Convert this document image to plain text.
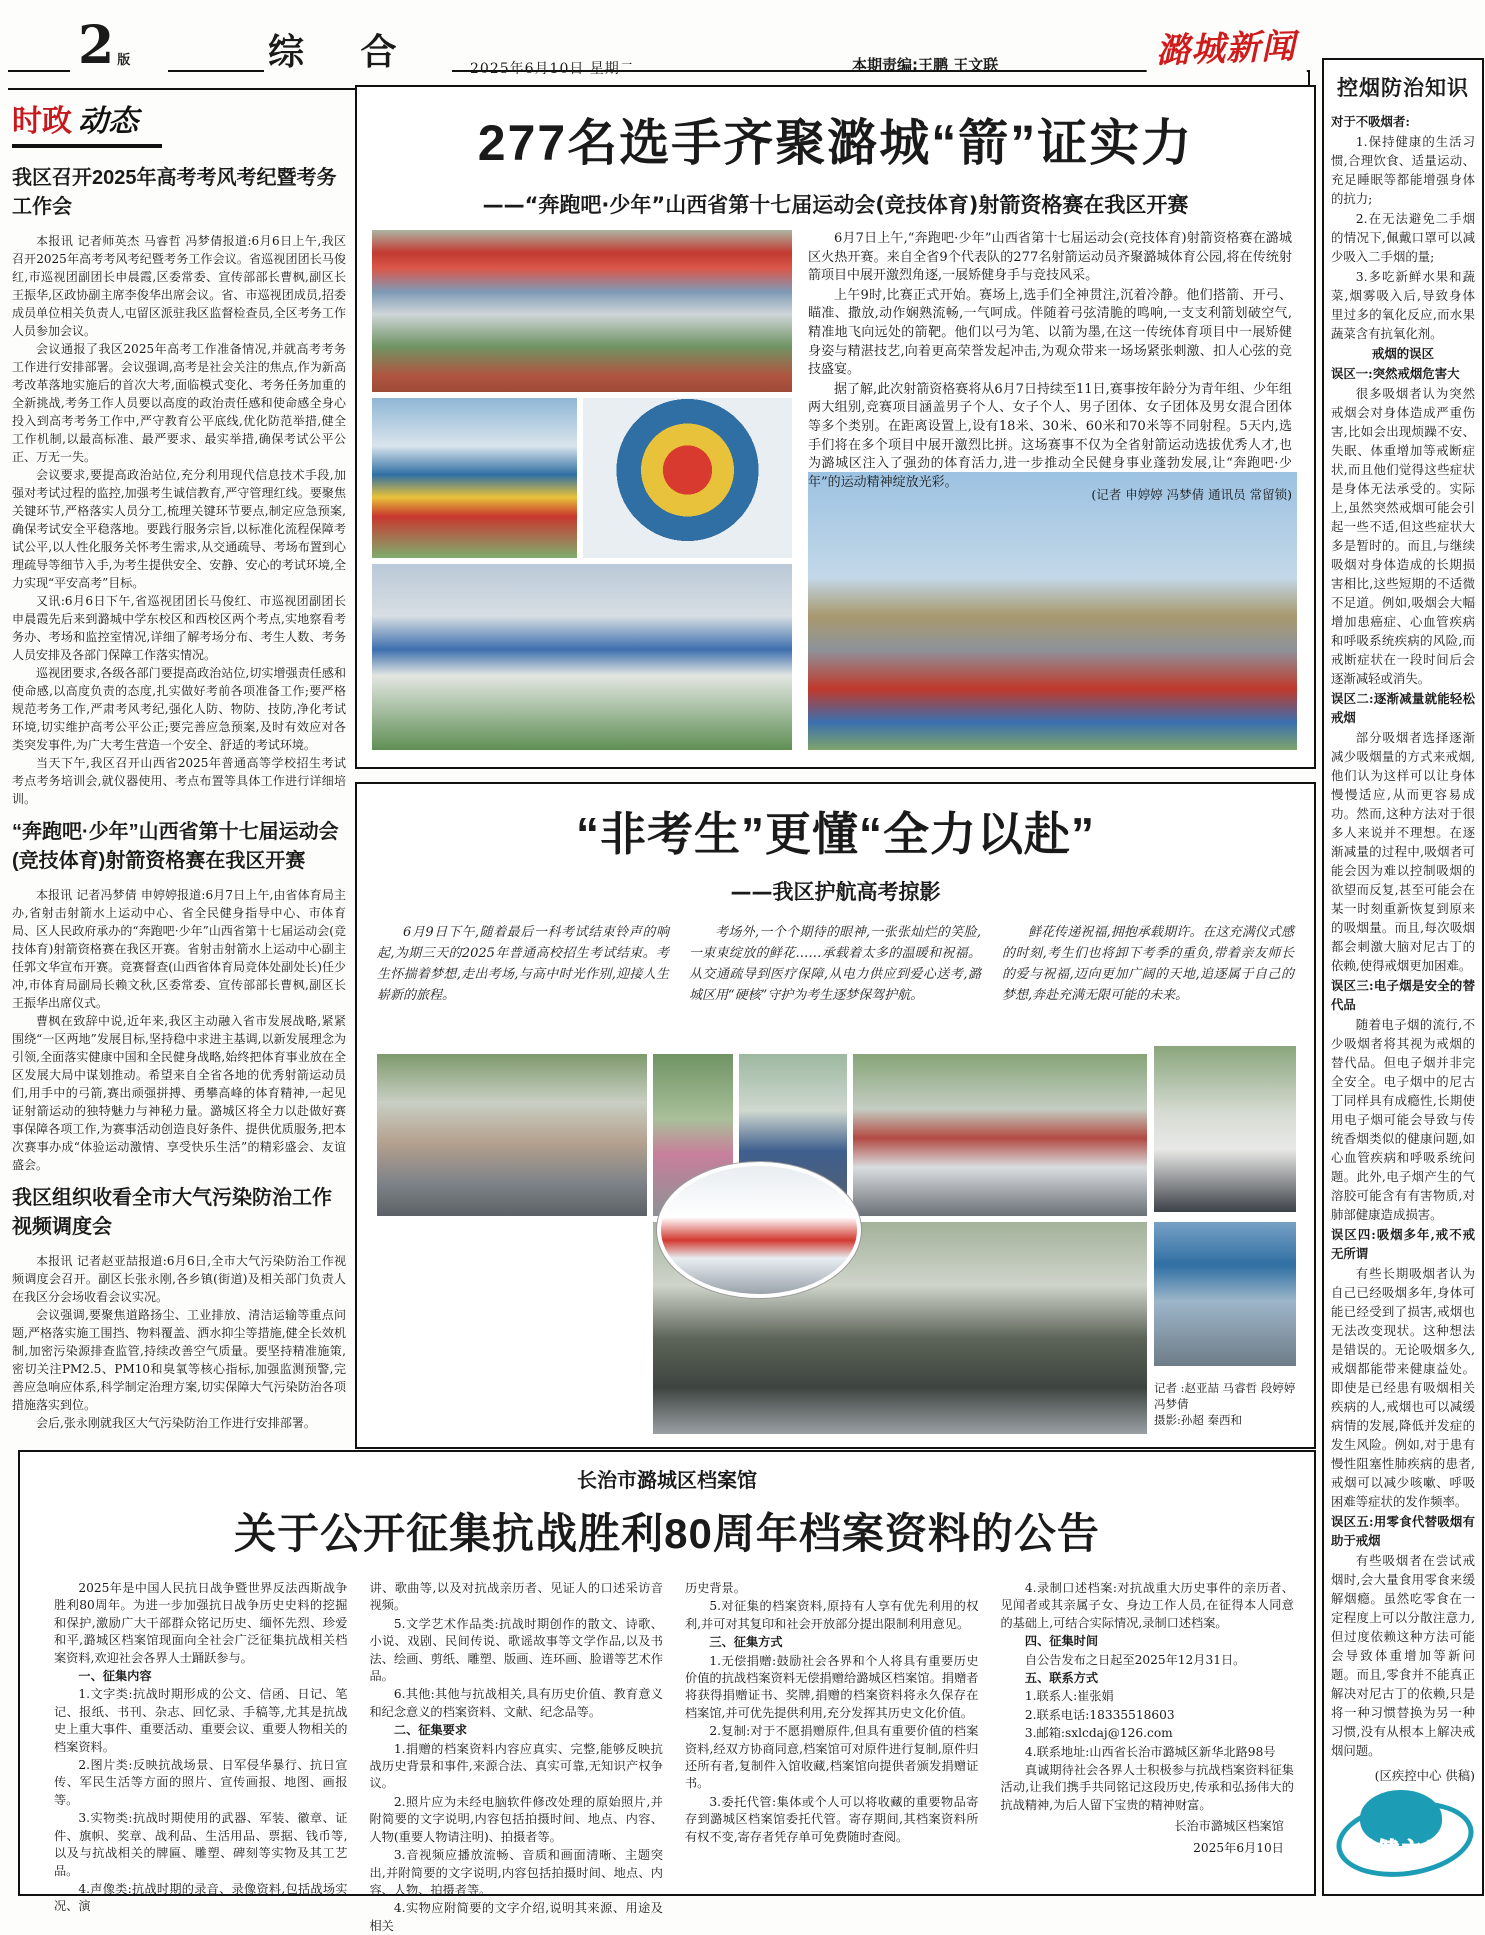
2 版	综 合	2025年6月10日 星期二	本期责编:王鹏 王文联	潞城新闻
时政 动态
我区召开2025年高考考风考纪暨考务工作会

本报讯 记者师英杰 马睿哲 冯梦倩报道:6月6日上午,我区召开2025年高考考风考纪暨考务工作会议。省巡视团团长马俊红,市巡视团副团长申晨霞,区委常委、宣传部部长曹枫,副区长王振华,区政协副主席李俊华出席会议。省、市巡视团成员,招委成员单位相关负责人,屯留区派驻我区监督检查员,全区考务工作人员参加会议。

会议通报了我区2025年高考工作准备情况,并就高考考务工作进行安排部署。会议强调,高考是社会关注的焦点,作为新高考改革落地实施后的首次大考,面临模式变化、考务任务加重的全新挑战,考务工作人员要以高度的政治责任感和使命感全身心投入到高考考务工作中,严守教育公平底线,优化防范举措,健全工作机制,以最高标准、最严要求、最实举措,确保考试公平公正、万无一失。

会议要求,要提高政治站位,充分利用现代信息技术手段,加强对考试过程的监控,加强考生诚信教育,严守管理红线。要聚焦关键环节,严格落实人员分工,梳理关键环节要点,制定应急预案,确保考试安全平稳落地。要践行服务宗旨,以标准化流程保障考试公平,以人性化服务关怀考生需求,从交通疏导、考场布置到心理疏导等细节入手,为考生提供安全、安静、安心的考试环境,全力实现“平安高考”目标。

又讯:6月6日下午,省巡视团团长马俊红、市巡视团副团长申晨霞先后来到潞城中学东校区和西校区两个考点,实地察看考务办、考场和监控室情况,详细了解考场分布、考生人数、考务人员安排及各部门保障工作落实情况。

巡视团要求,各级各部门要提高政治站位,切实增强责任感和使命感,以高度负责的态度,扎实做好考前各项准备工作;要严格规范考务工作,严肃考风考纪,强化人防、物防、技防,净化考试环境,切实维护高考公平公正;要完善应急预案,及时有效应对各类突发事件,为广大考生营造一个安全、舒适的考试环境。

当天下午,我区召开山西省2025年普通高等学校招生考试考点考务培训会,就仪器使用、考点布置等具体工作进行详细培训。

“奔跑吧·少年”山西省第十七届运动会(竞技体育)射箭资格赛在我区开赛

本报讯 记者冯梦倩 申婷婷报道:6月7日上午,由省体育局主办,省射击射箭水上运动中心、省全民健身指导中心、市体育局、区人民政府承办的“奔跑吧·少年”山西省第十七届运动会(竞技体育)射箭资格赛在我区开赛。省射击射箭水上运动中心副主任郭文华宣布开赛。竞赛督查(山西省体育局竞体处副处长)任少冲,市体育局副局长赖文秋,区委常委、宣传部部长曹枫,副区长王振华出席仪式。

曹枫在致辞中说,近年来,我区主动融入省市发展战略,紧紧围绕“一区两地”发展目标,坚持稳中求进主基调,以新发展理念为引领,全面落实健康中国和全民健身战略,始终把体育事业放在全区发展大局中谋划推动。希望来自全省各地的优秀射箭运动员们,用手中的弓箭,赛出顽强拼搏、勇攀高峰的体育精神,一起见证射箭运动的独特魅力与神秘力量。潞城区将全力以赴做好赛事保障各项工作,为赛事活动创造良好条件、提供优质服务,把本次赛事办成“体验运动激情、享受快乐生活”的精彩盛会、友谊盛会。

我区组织收看全市大气污染防治工作视频调度会

本报讯 记者赵亚喆报道:6月6日,全市大气污染防治工作视频调度会召开。副区长张永刚,各乡镇(街道)及相关部门负责人在我区分会场收看会议实况。

会议强调,要聚焦道路扬尘、工业排放、清洁运输等重点问题,严格落实施工围挡、物料覆盖、洒水抑尘等措施,健全长效机制,加密污染源排查监管,持续改善空气质量。要坚持精准施策,密切关注PM2.5、PM10和臭氧等核心指标,加强监测预警,完善应急响应体系,科学制定治理方案,切实保障大气污染防治各项措施落实到位。

会后,张永刚就我区大气污染防治工作进行安排部署。

277名选手齐聚潞城“箭”证实力
——“奔跑吧·少年”山西省第十七届运动会(竞技体育)射箭资格赛在我区开赛

6月7日上午,“奔跑吧·少年”山西省第十七届运动会(竞技体育)射箭资格赛在潞城区火热开赛。来自全省9个代表队的277名射箭运动员齐聚潞城体育公园,将在传统射箭项目中展开激烈角逐,一展矫健身手与竞技风采。

上午9时,比赛正式开始。赛场上,选手们全神贯注,沉着冷静。他们搭箭、开弓、瞄准、撒放,动作娴熟流畅,一气呵成。伴随着弓弦清脆的鸣响,一支支利箭划破空气,精准地飞向远处的箭靶。他们以弓为笔、以箭为墨,在这一传统体育项目中一展矫健身姿与精湛技艺,向着更高荣誉发起冲击,为观众带来一场场紧张刺激、扣人心弦的竞技盛宴。

据了解,此次射箭资格赛将从6月7日持续至11日,赛事按年龄分为青年组、少年组两大组别,竞赛项目涵盖男子个人、女子个人、男子团体、女子团体及男女混合团体等多个类别。在距离设置上,设有18米、30米、60米和70米等不同射程。5天内,选手们将在多个项目中展开激烈比拼。这场赛事不仅为全省射箭运动选拔优秀人才,也为潞城区注入了强劲的体育活力,进一步推动全民健身事业蓬勃发展,让“奔跑吧·少年”的运动精神绽放光彩。

(记者 申婷婷 冯梦倩 通讯员 常留锁)
“非考生”更懂“全力以赴”
——我区护航高考掠影

6月9日下午,随着最后一科考试结束铃声的响起,为期三天的2025年普通高校招生考试结束。考生怀揣着梦想,走出考场,与高中时光作别,迎接人生崭新的旅程。

考场外,一个个期待的眼神,一张张灿烂的笑脸,一束束绽放的鲜花……承载着太多的温暖和祝福。从交通疏导到医疗保障,从电力供应到爱心送考,潞城区用“硬核”守护为考生逐梦保驾护航。

鲜花传递祝福,拥抱承载期许。在这充满仪式感的时刻,考生们也将卸下考季的重负,带着亲友师长的爱与祝福,迈向更加广阔的天地,追逐属于自己的梦想,奔赴充满无限可能的未来。

记者 :赵亚喆 马睿哲 段婷婷 冯梦倩

摄影:孙超 秦西和

长治市潞城区档案馆
关于公开征集抗战胜利80周年档案资料的公告

2025年是中国人民抗日战争暨世界反法西斯战争胜利80周年。为进一步加强抗日战争历史史料的挖掘和保护,激励广大干部群众铭记历史、缅怀先烈、珍爱和平,潞城区档案馆现面向全社会广泛征集抗战相关档案资料,欢迎社会各界人士踊跃参与。

一、征集内容

1.文字类:抗战时期形成的公文、信函、日记、笔记、报纸、书刊、杂志、回忆录、手稿等,尤其是抗战史上重大事件、重要活动、重要会议、重要人物相关的档案资料。

2.图片类:反映抗战场景、日军侵华暴行、抗日宣传、军民生活等方面的照片、宣传画报、地图、画报等。

3.实物类:抗战时期使用的武器、军装、徽章、证件、旗帜、奖章、战利品、生活用品、票据、钱币等,以及与抗战相关的牌匾、雕塑、碑刻等实物及其工艺品。

4.声像类:抗战时期的录音、录像资料,包括战场实况、演

讲、歌曲等,以及对抗战亲历者、见证人的口述采访音视频。

5.文学艺术作品类:抗战时期创作的散文、诗歌、小说、戏剧、民间传说、歌谣故事等文学作品,以及书法、绘画、剪纸、雕塑、版画、连环画、脸谱等艺术作品。

6.其他:其他与抗战相关,具有历史价值、教育意义和纪念意义的档案资料、文献、纪念品等。

二、征集要求

1.捐赠的档案资料内容应真实、完整,能够反映抗战历史背景和事件,来源合法、真实可靠,无知识产权争议。

2.照片应为未经电脑软件修改处理的原始照片,并附简要的文字说明,内容包括拍摄时间、地点、内容、人物(重要人物请注明)、拍摄者等。

3.音视频应播放流畅、音质和画面清晰、主题突出,并附简要的文字说明,内容包括拍摄时间、地点、内容、人物、拍摄者等。

4.实物应附简要的文字介绍,说明其来源、用途及相关

历史背景。

5.对征集的档案资料,原持有人享有优先利用的权利,并可对其复印和社会开放部分提出限制利用意见。

三、征集方式

1.无偿捐赠:鼓励社会各界和个人将具有重要历史价值的抗战档案资料无偿捐赠给潞城区档案馆。捐赠者将获得捐赠证书、奖牌,捐赠的档案资料将永久保存在档案馆,并可优先提供利用,充分发挥其历史文化价值。

2.复制:对于不愿捐赠原件,但具有重要价值的档案资料,经双方协商同意,档案馆可对原件进行复制,原件归还所有者,复制件入馆收藏,档案馆向提供者颁发捐赠证书。

3.委托代管:集体或个人可以将收藏的重要物品寄存到潞城区档案馆委托代管。寄存期间,其档案资料所有权不变,寄存者凭存单可免费随时查阅。

4.录制口述档案:对抗战重大历史事件的亲历者、见闻者或其亲属子女、身边工作人员,在征得本人同意的基础上,可结合实际情况,录制口述档案。

四、征集时间

自公告发布之日起至2025年12月31日。

五、联系方式

1.联系人:崔张娟

2.联系电话:18335518603

3.邮箱:sxlcdaj@126.com

4.联系地址:山西省长治市潞城区新华北路98号

真诚期待社会各界人士积极参与抗战档案资料征集活动,让我们携手共同铭记这段历史,传承和弘扬伟大的抗战精神,为后人留下宝贵的精神财富。

长治市潞城区档案馆

2025年6月10日

控烟防治知识

对于不吸烟者:

1.保持健康的生活习惯,合理饮食、适量运动、充足睡眠等都能增强身体的抗力;

2.在无法避免二手烟的情况下,佩戴口罩可以减少吸入二手烟的量;

3.多吃新鲜水果和蔬菜,烟雾吸入后,导致身体里过多的氧化反应,而水果蔬菜含有抗氧化剂。

戒烟的误区

误区一:突然戒烟危害大

很多吸烟者认为突然戒烟会对身体造成严重伤害,比如会出现烦躁不安、失眠、体重增加等戒断症状,而且他们觉得这些症状是身体无法承受的。实际上,虽然突然戒烟可能会引起一些不适,但这些症状大多是暂时的。而且,与继续吸烟对身体造成的长期损害相比,这些短期的不适微不足道。例如,吸烟会大幅增加患癌症、心血管疾病和呼吸系统疾病的风险,而戒断症状在一段时间后会逐渐减轻或消失。

误区二:逐渐减量就能轻松戒烟

部分吸烟者选择逐渐减少吸烟量的方式来戒烟,他们认为这样可以让身体慢慢适应,从而更容易成功。然而,这种方法对于很多人来说并不理想。在逐渐减量的过程中,吸烟者可能会因为难以控制吸烟的欲望而反复,甚至可能会在某一时刻重新恢复到原来的吸烟量。而且,每次吸烟都会刺激大脑对尼古丁的依赖,使得戒烟更加困难。

误区三:电子烟是安全的替代品

随着电子烟的流行,不少吸烟者将其视为戒烟的替代品。但电子烟并非完全安全。电子烟中的尼古丁同样具有成瘾性,长期使用电子烟可能会导致与传统香烟类似的健康问题,如心血管疾病和呼吸系统问题。此外,电子烟产生的气溶胶可能含有有害物质,对肺部健康造成损害。

误区四:吸烟多年,戒不戒无所谓

有些长期吸烟者认为自己已经吸烟多年,身体可能已经受到了损害,戒烟也无法改变现状。这种想法是错误的。无论吸烟多久,戒烟都能带来健康益处。即使是已经患有吸烟相关疾病的人,戒烟也可以减缓病情的发展,降低并发症的发生风险。例如,对于患有慢性阻塞性肺疾病的患者,戒烟可以减少咳嗽、呼吸困难等症状的发作频率。

误区五:用零食代替吸烟有助于戒烟

有些吸烟者在尝试戒烟时,会大量食用零食来缓解烟瘾。虽然吃零食在一定程度上可以分散注意力,但过度依赖这种方法可能会导致体重增加等新问题。而且,零食并不能真正解决对尼古丁的依赖,只是将一种习惯替换为另一种习惯,没有从根本上解决戒烟问题。

(区疾控中心 供稿)

保健之窗
